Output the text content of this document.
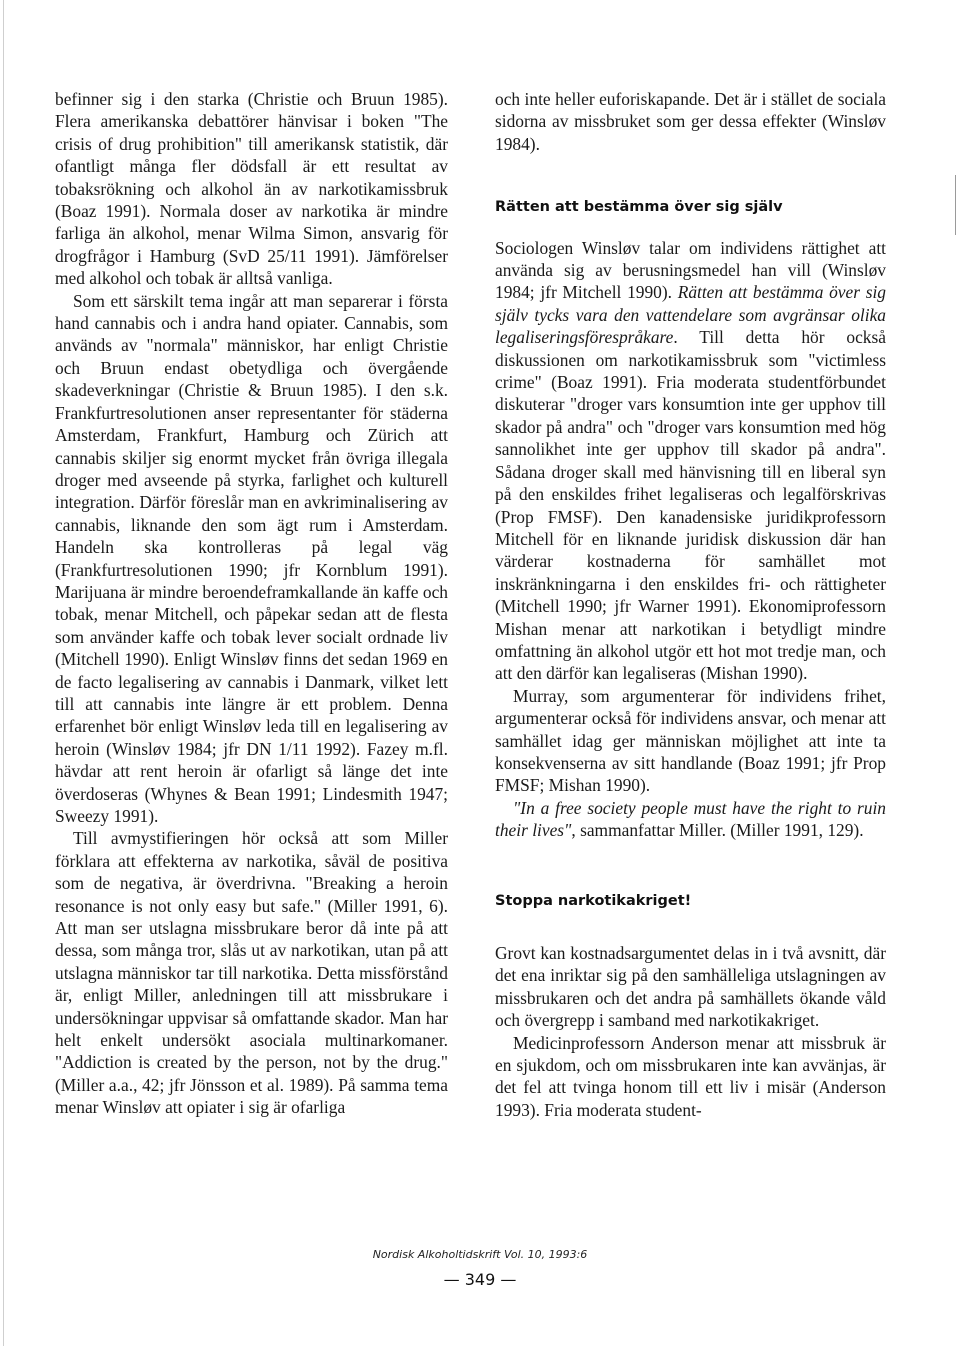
befinner sig i den starka (Christie och Bruun 1985). Flera amerikanska debattörer hänvisar i boken "The crisis of drug prohibition" till amerikansk statistik, där ofantligt många fler dödsfall är ett resultat av tobaksrökning och alkohol än av narkotikamissbruk (Boaz 1991). Normala doser av narkotika är mindre farliga än alkohol, menar Wilma Simon, ansvarig för drogfrågor i Hamburg (SvD 25/11 1991). Jämförelser med alkohol och tobak är alltså vanliga.

Som ett särskilt tema ingår att man separerar i första hand cannabis och i andra hand opiater. Cannabis, som används av "normala" människor, har enligt Christie och Bruun endast obetydliga och övergående skadeverkningar (Christie & Bruun 1985). I den s.k. Frankfurtresolutionen anser representanter för städerna Amsterdam, Frankfurt, Hamburg och Zürich att cannabis skiljer sig enormt mycket från övriga illegala droger med avseende på styrka, farlighet och kulturell integration. Därför föreslår man en avkriminalisering av cannabis, liknande den som ägt rum i Amsterdam. Handeln ska kontrolleras på legal väg (Frankfurtresolutionen 1990; jfr Kornblum 1991). Marijuana är mindre beroendeframkallande än kaffe och tobak, menar Mitchell, och påpekar sedan att de flesta som använder kaffe och tobak lever socialt ordnade liv (Mitchell 1990). Enligt Winsløv finns det sedan 1969 en de facto legalisering av cannabis i Danmark, vilket lett till att cannabis inte längre är ett problem. Denna erfarenhet bör enligt Winsløv leda till en legalisering av heroin (Winsløv 1984; jfr DN 1/11 1992). Fazey m.fl. hävdar att rent heroin är ofarligt så länge det inte överdoseras (Whynes & Bean 1991; Lindesmith 1947; Sweezy 1991).

Till avmystifieringen hör också att som Miller förklara att effekterna av narkotika, såväl de positiva som de negativa, är överdrivna. "Breaking a heroin resonance is not only easy but safe." (Miller 1991, 6). Att man ser utslagna missbrukare beror då inte på att dessa, som många tror, slås ut av narkotikan, utan på att utslagna människor tar till narkotika. Detta missförstånd är, enligt Miller, anledningen till att missbrukare i undersökningar uppvisar så omfattande skador. Man har helt enkelt undersökt asociala multinarkomaner. "Addiction is created by the person, not by the drug." (Miller a.a., 42; jfr Jönsson et al. 1989). På samma tema menar Winsløv att opiater i sig är ofarliga

och inte heller euforiskapande. Det är i stället de sociala sidorna av missbruket som ger dessa effekter (Winsløv 1984).

Rätten att bestämma över sig själv

Sociologen Winsløv talar om individens rättighet att använda sig av berusningsmedel han vill (Winsløv 1984; jfr Mitchell 1990). Rätten att bestämma över sig själv tycks vara den vattendelare som avgränsar olika legaliseringsförespråkare. Till detta hör också diskussionen om narkotikamissbruk som "victimless crime" (Boaz 1991). Fria moderata studentförbundet diskuterar "droger vars konsumtion inte ger upphov till skador på andra" och "droger vars konsumtion med hög sannolikhet inte ger upphov till skador på andra". Sådana droger skall med hänvisning till en liberal syn på den enskildes frihet legaliseras och legalförskrivas (Prop FMSF). Den kanadensiske juridikprofessorn Mitchell för en liknande juridisk diskussion där han värderar kostnaderna för samhället mot inskränkningarna i den enskildes fri- och rättigheter (Mitchell 1990; jfr Warner 1991). Ekonomiprofessorn Mishan menar att narkotikan i betydligt mindre omfattning än alkohol utgör ett hot mot tredje man, och att den därför kan legaliseras (Mishan 1990).

Murray, som argumenterar för individens frihet, argumenterar också för individens ansvar, och menar att samhället idag ger människan möjlighet att inte ta konsekvenserna av sitt handlande (Boaz 1991; jfr Prop FMSF; Mishan 1990).

"In a free society people must have the right to ruin their lives", sammanfattar Miller. (Miller 1991, 129).

Stoppa narkotikakriget!

Grovt kan kostnadsargumentet delas in i två avsnitt, där det ena inriktar sig på den samhälleliga utslagningen av missbrukaren och det andra på samhällets ökande våld och övergrepp i samband med narkotikakriget.

Medicinprofessorn Anderson menar att missbruk är en sjukdom, och om missbrukaren inte kan avvänjas, är det fel att tvinga honom till ett liv i misär (Anderson 1993). Fria moderata student-

Nordisk Alkoholtidskrift Vol. 10, 1993:6
— 349 —
